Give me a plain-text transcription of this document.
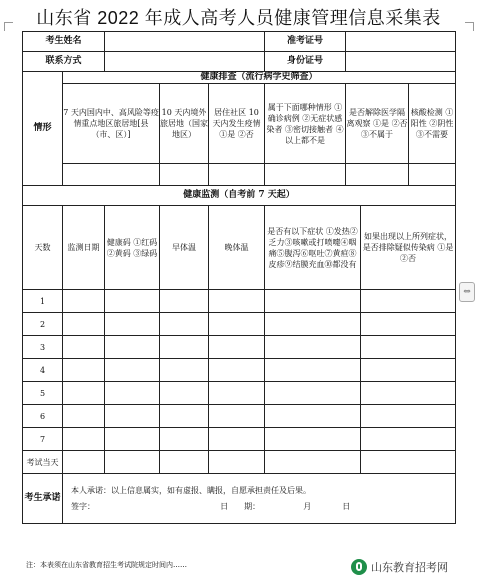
山东省 2022 年成人高考人员健康管理信息采集表
考生姓名					准考证号			
联系方式					身份证号			
情形	健康排查（流行病学史筛查）							
	7 天内国内中、高风险等疫情重点地区旅居地[县（市、区）]		10 天内境外旅居地（国家地区）	居住社区 10 天内发生疫情 ①是 ②否	属于下面哪种情形 ①确诊病例 ②无症状感染者 ③密切接触者 ④以上都不是	是否解除医学隔离观察 ①是 ②否 ③不属于		核酸检测 ①阳性 ②阴性 ③不需要

健康监测（自考前 7 天起）								
天数	监测日期	健康码 ①红码 ②黄码 ③绿码	早体温	晚体温	是否有以下症状 ①发热②乏力③咳嗽或打喷嚏④咽痛⑤腹泻⑥呕吐⑦黄疸⑧皮疹⑨结膜充血⑩都没有		如果出现以上所列症状，是否排除疑似传染病 ①是 ②否	
1								
2								
3								
4								
5								
6								
7								
考试当天								
考生承诺	本人承诺：以上信息属实，如有虚报、瞒报，自愿承担责任及后果。
签字： 日　　期： 月 日							
注：本表须在山东省教育招生考试院规定时间内……
⇔
山东教育招考网
